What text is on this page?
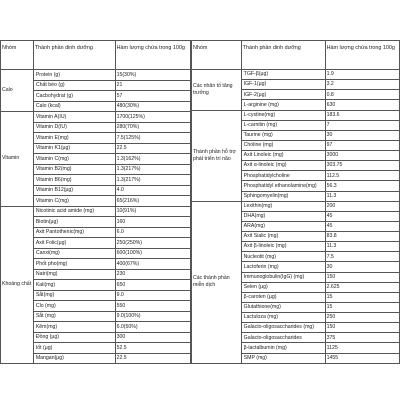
Nhóm	Thành phần dinh dưỡng	Hàm lượng chứa trong 100g
Calo	Protein (g)	15(30%)
	Chất béo (g)	21
	Cacbohydrat (g)	57
	Calo (kcal)	480(30%)
Vitamin	Vitamin A(IU)	1700(125%)
	Vitamin D(IU)	280(70%)
	Vitamin E(mg)	7.5(125%)
	Vitamin K1(µg)	22.5
	Vitamin C(mg)	1.3(162%)
	Vitamin B2(mg)	1.3(217%)
	Vitamin B6(mg)	1.3(217%)
	Vitamin B12(µg)	4.0
	Vitamin C(mg)	65(216%)
Khoáng chất	Nicotinic acid amide (mg)	10(91%)
	Biotin(µg)	160
	Axit Pantothenic(mg)	6.0
	Axit Folic(µg)	250(250%)
	Canxi(mg)	600(100%)
	Phốt pho(mg)	400(67%)
	Natri(mg)	230
	Kali(mg)	650
	Sắt(mg)	9.0
	Clo (mg)	550
	Sắt (mg)	9.0(100%)
	Kẽm(mg)	6.0(50%)
	Đồng (µg)	300
	Iốt (µg)	52.5
	Mangan(µg)	22.5
Nhóm	Thành phần dinh dưỡng	Hàm lượng chứa trong 100g
Các nhân tố tăng trưởng	TGF-β(µg)	1.9
	IGF-1(µg)	3.2
	IGF-2(µg)	0.8
	L-arginine (mg)	630
Thành phần hỗ trợ phát triển trí não	L-cystine(mg)	183.6
	L-carnitin (mg)	7
	Taurine (mg)	30
	Choline (mg)	97
	Axit Linoleic (mg)	3000
	Axit α-linoleic (mg)	303.75
	Phosphatidylcholine	112.5
	Phosphatidyl ethanolamine(mg)	56.3
	Sphingomyelin(mg)	11.3
Các thành phần miễn dịch	Lexithin(mg)	200
	DHA(mg)	45
	ARA(mg)	45
	Axit Sialic (mg)	83.8
	Axit β-linoleic (mg)	11.3
	Nucleotit (mg)	7.5
	Lactoferin (mg)	30
	Immunoglobulin(IgG) (mg)	150
	Selen (µg)	2.625
	β-caroten (µg)	15
	Glutathione(mg)	15
	Lactuloza (mg)	250
	Galacto-oligosaccharides (mg)	150
	Galacto-oligosaccharides	375
	β-lactalbumin (mg)	1125
	SMP (mg)	1455
